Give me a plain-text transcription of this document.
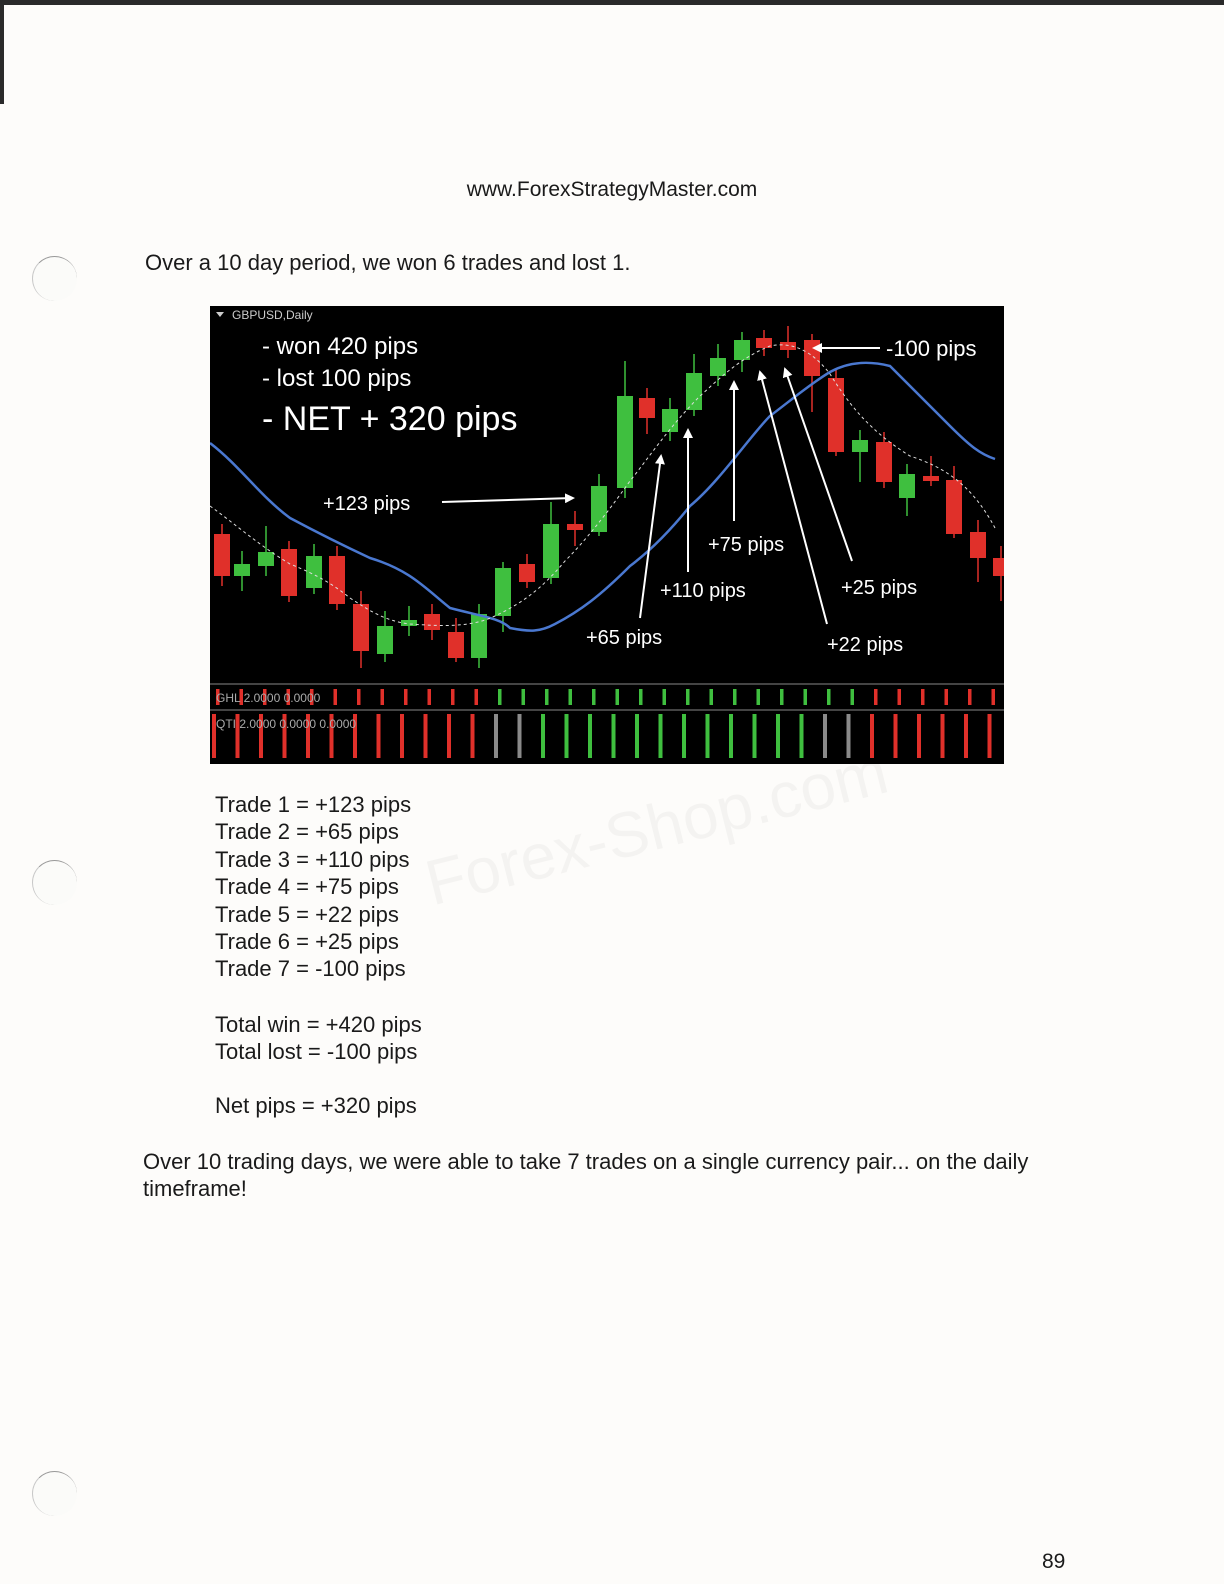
www.ForexStrategyMaster.com
Over a 10 day period, we won 6 trades and lost 1.
GBPUSD,Daily
- won 420 pips
- lost 100 pips
- NET + 320 pips
+123 pips
+65 pips
+110 pips
+75 pips
+22 pips
+25 pips
-100 pips
GHL 2.0000 0.0000
QTI 2.0000 0.0000 0.0000
Trade 1 = +123 pips
Trade 2 = +65 pips
Trade 3 = +110 pips
Trade 4 = +75 pips
Trade 5 = +22 pips
Trade 6 = +25 pips
Trade 7 = -100 pips
Total win = +420 pips
Total lost = -100 pips
Net pips = +320 pips
Over 10 trading days, we were able to take 7 trades on a single currency pair... on the daily timeframe!
89
